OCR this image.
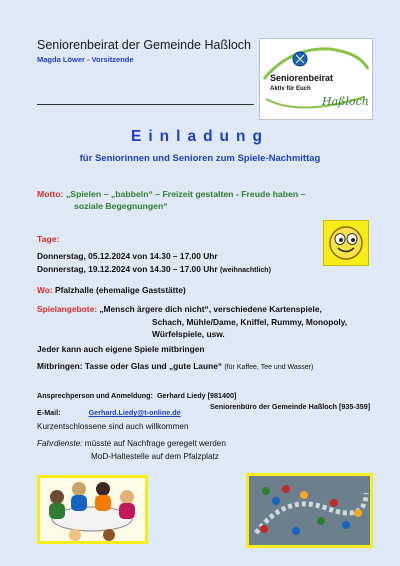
Seniorenbeirat der Gemeinde Haßloch
Magda Löwer - Vorsitzende
Seniorenbeirat
Aktiv für Euch
Haßloch
Einladung
für Seniorinnen und Senioren zum Spiele-Nachmittag
Motto: „Spielen – „babbeln“ – Freizeit gestalten - Freude haben –
soziale Begegnungen“
Tage:
Donnerstag, 05.12.2024 von 14.30 – 17.00 Uhr
Donnerstag, 19.12.2024 von 14.30 – 17.00 Uhr (weihnachtlich)
Wo: Pfalzhalle (ehemalige Gaststätte)
Spielangebote: „Mensch ärgere dich nicht“, verschiedene Kartenspiele,
Schach, Mühle/Dame, Kniffel, Rummy, Monopoly,
Würfelspiele, usw.
Jeder kann auch eigene Spiele mitbringen
Mitbringen: Tasse oder Glas und „gute Laune“ (für Kaffee, Tee und Wasser)
Ansprechperson und Anmeldung: Gerhard Liedy [981400]
Seniorenbüro der Gemeinde Haßloch [935-359]
E-Mail:	Gerhard.Liedy@t-online.de
Kurzentschlossene sind auch willkommen
Fahrdienste: müsste auf Nachfrage geregelt werden
MoD-Haltestelle auf dem Pfalzplatz
